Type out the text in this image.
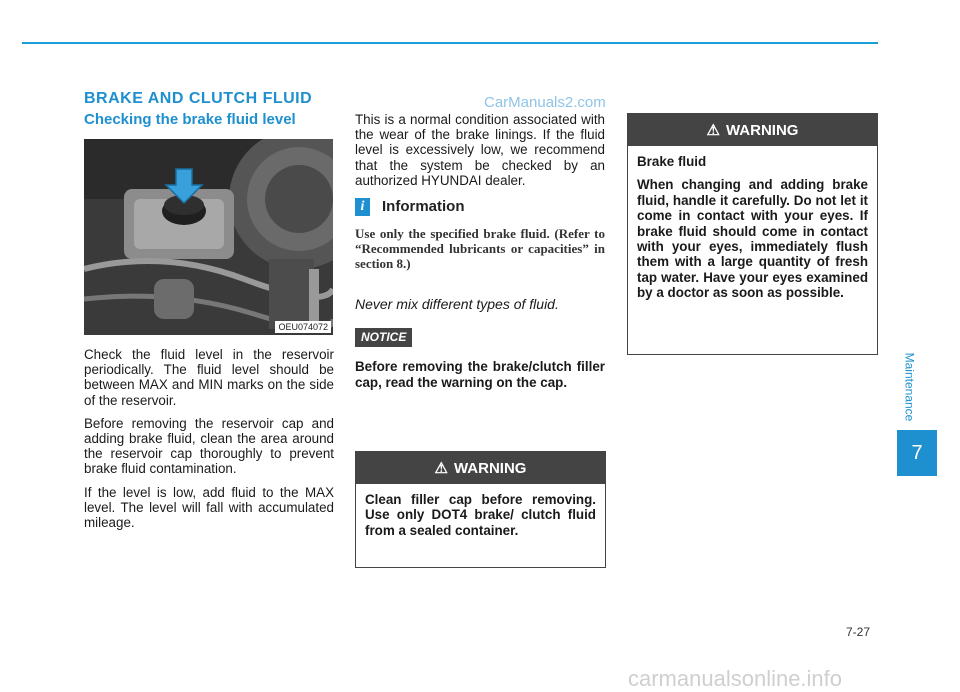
BRAKE AND CLUTCH FLUID	CarManuals2.com
Checking the brake fluid level
OEU074072

Check the fluid level in the reservoir periodically. The fluid level should be between MAX and MIN marks on the side of the reservoir.

Before removing the reservoir cap and adding brake fluid, clean the area around the reservoir cap thoroughly to prevent brake fluid contamination.

If the level is low, add fluid to the MAX level. The level will fall with accumulated mileage.

This is a normal condition associated with the wear of the brake linings. If the fluid level is excessively low, we recommend that the system be checked by an authorized HYUNDAI dealer.

i	Information

Use only the specified brake fluid. (Refer to “Recommended lubricants or capacities” in section 8.)

Never mix different types of fluid.

NOTICE

Before removing the brake/clutch filler cap, read the warning on the cap.

⚠ WARNING
Clean filler cap before removing. Use only DOT4 brake/ clutch fluid from a sealed container.
⚠ WARNING

Brake fluid

When changing and adding brake fluid, handle it carefully. Do not let it come in contact with your eyes. If brake fluid should come in contact with your eyes, immediately flush them with a large quantity of fresh tap water. Have your eyes examined by a doctor as soon as possible.

Maintenance
7
7-27
carmanualsonline.info
